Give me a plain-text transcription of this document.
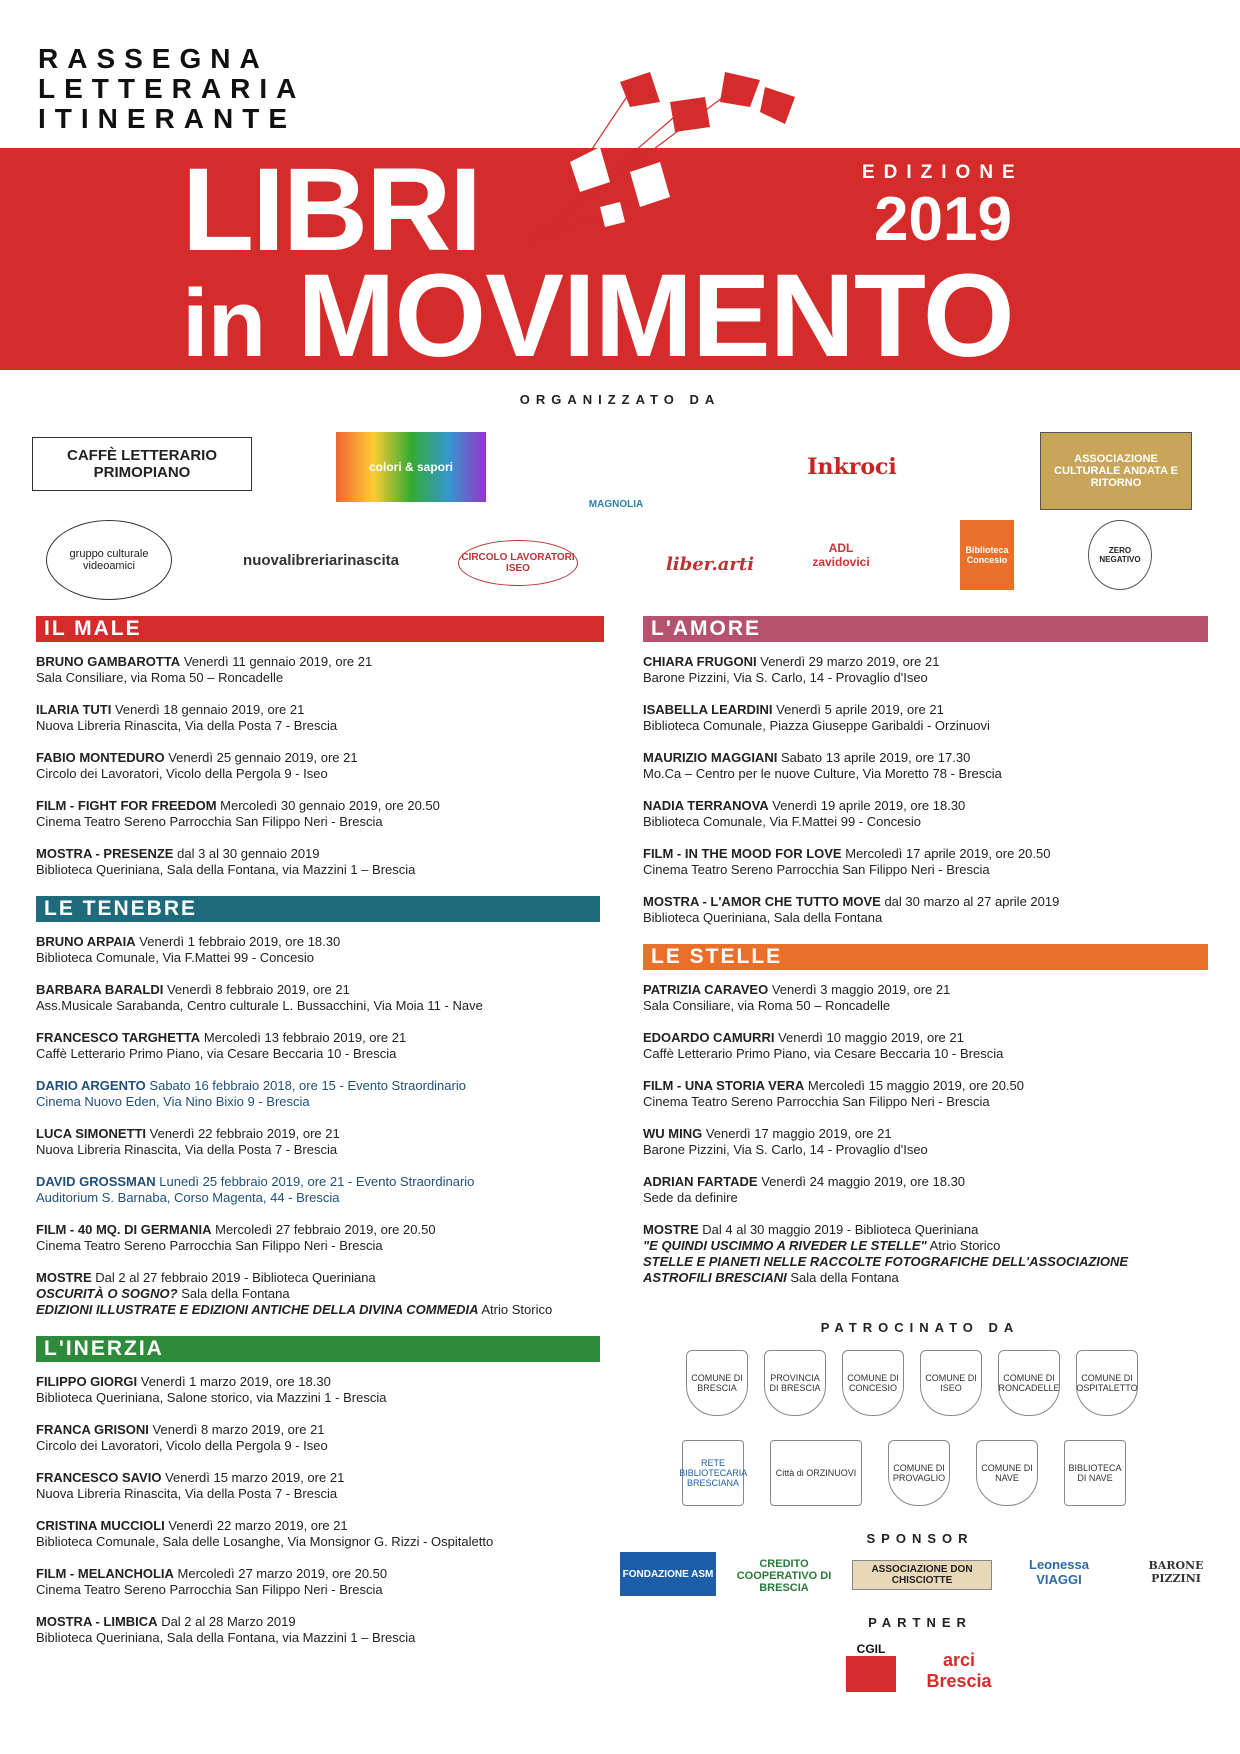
RASSEGNA
LETTERARIA
ITINERANTE
LIBRI
in MOVIMENTO
EDIZIONE
2019
ORGANIZZATO DA
CAFFÈ LETTERARIO PRIMOPIANO	colori & sapori
MAGNOLIA
Inkroci	ASSOCIAZIONE CULTURALE ANDATA E RITORNO
gruppo culturale videoamici	nuovalibreriarinascita	CIRCOLO LAVORATORI ISEO	liber.arti
ADL zavidovici
Biblioteca Concesio
ZERO NEGATIVO
IL MALE
BRUNO GAMBAROTTA Venerdì 11 gennaio 2019, ore 21
Sala Consiliare, via Roma 50 – Roncadelle
ILARIA TUTI Venerdì 18 gennaio 2019, ore 21
Nuova Libreria Rinascita, Via della Posta 7 - Brescia
FABIO MONTEDURO Venerdì 25 gennaio 2019, ore 21
Circolo dei Lavoratori, Vicolo della Pergola 9 - Iseo
FILM - FIGHT FOR FREEDOM Mercoledì 30 gennaio 2019, ore 20.50
Cinema Teatro Sereno Parrocchia San Filippo Neri - Brescia
MOSTRA - PRESENZE dal 3 al 30 gennaio 2019
Biblioteca Queriniana, Sala della Fontana, via Mazzini 1 – Brescia
LE TENEBRE
BRUNO ARPAIA Venerdì 1 febbraio 2019, ore 18.30
Biblioteca Comunale, Via F.Mattei 99 - Concesio
BARBARA BARALDI Venerdì 8 febbraio 2019, ore 21
Ass.Musicale Sarabanda, Centro culturale L. Bussacchini, Via Moia 11 - Nave
FRANCESCO TARGHETTA Mercoledì 13 febbraio 2019, ore 21
Caffè Letterario Primo Piano, via Cesare Beccaria 10 - Brescia
DARIO ARGENTO Sabato 16 febbraio 2018, ore 15 - Evento Straordinario
Cinema Nuovo Eden, Via Nino Bixio 9 - Brescia
LUCA SIMONETTI Venerdì 22 febbraio 2019, ore 21
Nuova Libreria Rinascita, Via della Posta 7 - Brescia
DAVID GROSSMAN Lunedì 25 febbraio 2019, ore 21 - Evento Straordinario
Auditorium S. Barnaba, Corso Magenta, 44 - Brescia
FILM - 40 MQ. DI GERMANIA Mercoledì 27 febbraio 2019, ore 20.50
Cinema Teatro Sereno Parrocchia San Filippo Neri - Brescia
MOSTRE Dal 2 al 27 febbraio 2019 - Biblioteca Queriniana
OSCURITÀ O SOGNO? Sala della Fontana
EDIZIONI ILLUSTRATE E EDIZIONI ANTICHE DELLA DIVINA COMMEDIA Atrio Storico
L'INERZIA
FILIPPO GIORGI Venerdì 1 marzo 2019, ore 18.30
Biblioteca Queriniana, Salone storico, via Mazzini 1 - Brescia
FRANCA GRISONI Venerdì 8 marzo 2019, ore 21
Circolo dei Lavoratori, Vicolo della Pergola 9 - Iseo
FRANCESCO SAVIO Venerdì 15 marzo 2019, ore 21
Nuova Libreria Rinascita, Via della Posta 7 - Brescia
CRISTINA MUCCIOLI Venerdì 22 marzo 2019, ore 21
Biblioteca Comunale, Sala delle Losanghe, Via Monsignor G. Rizzi - Ospitaletto
FILM - MELANCHOLIA Mercoledì 27 marzo 2019, ore 20.50
Cinema Teatro Sereno Parrocchia San Filippo Neri - Brescia
MOSTRA - LIMBICA Dal 2 al 28 Marzo 2019
Biblioteca Queriniana, Sala della Fontana, via Mazzini 1 – Brescia
L'AMORE
CHIARA FRUGONI Venerdì 29 marzo 2019, ore 21
Barone Pizzini, Via S. Carlo, 14 - Provaglio d'Iseo
ISABELLA LEARDINI Venerdì 5 aprile 2019, ore 21
Biblioteca Comunale, Piazza Giuseppe Garibaldi - Orzinuovi
MAURIZIO MAGGIANI Sabato 13 aprile 2019, ore 17.30
Mo.Ca – Centro per le nuove Culture, Via Moretto 78 - Brescia
NADIA TERRANOVA Venerdì 19 aprile 2019, ore 18.30
Biblioteca Comunale, Via F.Mattei 99 - Concesio
FILM - IN THE MOOD FOR LOVE Mercoledì 17 aprile 2019, ore 20.50
Cinema Teatro Sereno Parrocchia San Filippo Neri - Brescia
MOSTRA - L'AMOR CHE TUTTO MOVE dal 30 marzo al 27 aprile 2019
Biblioteca Queriniana, Sala della Fontana
LE STELLE
PATRIZIA CARAVEO Venerdì 3 maggio 2019, ore 21
Sala Consiliare, via Roma 50 – Roncadelle
EDOARDO CAMURRI Venerdì 10 maggio 2019, ore 21
Caffè Letterario Primo Piano, via Cesare Beccaria 10 - Brescia
FILM - UNA STORIA VERA Mercoledì 15 maggio 2019, ore 20.50
Cinema Teatro Sereno Parrocchia San Filippo Neri - Brescia
WU MING Venerdì 17 maggio 2019, ore 21
Barone Pizzini, Via S. Carlo, 14 - Provaglio d'Iseo
ADRIAN FARTADE Venerdì 24 maggio 2019, ore 18.30
Sede da definire
MOSTRE Dal 4 al 30 maggio 2019 - Biblioteca Queriniana
"E QUINDI USCIMMO A RIVEDER LE STELLE" Atrio Storico
STELLE E PIANETI NELLE RACCOLTE FOTOGRAFICHE DELL'ASSOCIAZIONE
ASTROFILI BRESCIANI Sala della Fontana
PATROCINATO DA
COMUNE DI BRESCIA
PROVINCIA DI BRESCIA
COMUNE DI CONCESIO
COMUNE DI ISEO
COMUNE DI RONCADELLE
COMUNE DI OSPITALETTO
RETE BIBLIOTECARIA BRESCIANA
Città di ORZINUOVI	COMUNE DI PROVAGLIO
COMUNE DI NAVE
BIBLIOTECA DI NAVE
SPONSOR
FONDAZIONE ASM
CREDITO COOPERATIVO DI BRESCIA
ASSOCIAZIONE DON CHISCIOTTE
Leonessa VIAGGI
BARONE PIZZINI
PARTNER
CGIL
arci Brescia
